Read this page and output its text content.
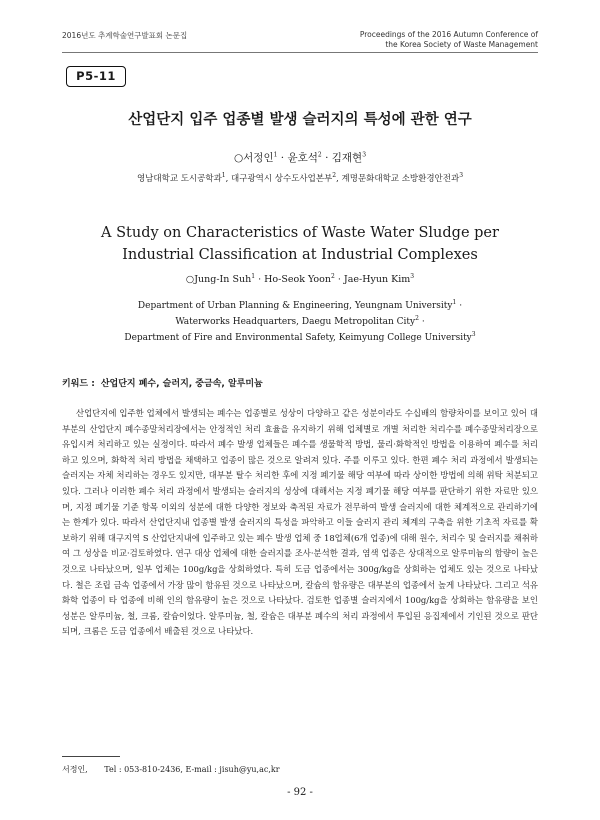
2016년도 추계학술연구발표회 논문집	Proceedings of the 2016 Autumn Conference of
the Korea Society of Waste Management
P5-11
산업단지 입주 업종별 발생 슬러지의 특성에 관한 연구
○서정인$^1$ · 윤호석$^2$ · 김재현$^3$
영남대학교 도시공학과$^1$, 대구광역시 상수도사업본부$^2$, 계명문화대학교 소방환경안전과$^3$
A Study on Characteristics of Waste Water Sludge per
Industrial Classification at Industrial Complexes
○Jung-In Suh$^1$ · Ho-Seok Yoon$^2$ · Jae-Hyun Kim$^3$
Department of Urban Planning & Engineering, Yeungnam University$^1$ ·
Waterworks Headquarters, Daegu Metropolitan City$^2$ ·
Department of Fire and Environmental Safety, Keimyung College University$^3$
키워드 : 산업단지 폐수, 슬러지, 중금속, 알루미늄

산업단지에 입주한 업체에서 발생되는 폐수는 업종별로 성상이 다양하고 같은 성분이라도 수십배의 함량차이를 보이고 있어 대부분의 산업단지 폐수종말처리장에서는 안정적인 처리 효율을 유지하기 위해 업체별로 개별 처리한 처리수를 폐수종말처리장으로 유입시켜 처리하고 있는 실정이다. 따라서 폐수 발생 업체들은 폐수를 생물학적 방법, 물리·화학적인 방법을 이용하여 폐수를 처리하고 있으며, 화학적 처리 방법을 채택하고 업종이 많은 것으로 알려져 있다. 주를 이루고 있다. 한편 폐수 처리 과정에서 발생되는 슬러지는 자체 처리하는 경우도 있지만, 대부분 탈수 처리한 후에 지정 폐기물 해당 여부에 따라 상이한 방법에 의해 위탁 처분되고 있다. 그러나 이러한 폐수 처리 과정에서 발생되는 슬러지의 성상에 대해서는 지정 폐기물 해당 여부를 판단하기 위한 자료만 있으며, 지정 폐기물 기준 항목 이외의 성분에 대한 다양한 정보와 축적된 자료가 전무하여 발생 슬러지에 대한 체계적으로 관리하기에는 한계가 있다. 따라서 산업단지내 업종별 발생 슬러지의 특성을 파악하고 이들 슬러지 관리 체계의 구축을 위한 기초적 자료를 확보하기 위해 대구지역 S 산업단지내에 입주하고 있는 폐수 발생 업체 중 18업체(6개 업종)에 대해 원수, 처리수 및 슬러지를 채취하여 그 성상을 비교·검토하였다. 연구 대상 업체에 대한 슬러지를 조사·분석한 결과, 염색 업종은 상대적으로 알루미늄의 함량이 높은 것으로 나타났으며, 일부 업체는 100g/kg을 상회하였다. 특히 도금 업종에서는 300g/kg을 상회하는 업체도 있는 것으로 나타났다. 철은 조립 금속 업종에서 가장 많이 함유된 것으로 나타났으며, 칼슘의 함유량은 대부분의 업종에서 높게 나타났다. 그리고 석유 화학 업종이 타 업종에 비해 인의 함유량이 높은 것으로 나타났다. 검토한 업종별 슬러지에서 100g/kg을 상회하는 함유량을 보인 성분은 알루미늄, 철, 크롬, 칼슘이었다. 알루미늄, 철, 칼슘은 대부분 폐수의 처리 과정에서 투입된 응집제에서 기인된 것으로 판단되며, 크롬은 도금 업종에서 배출된 것으로 나타났다.

서정인, Tel : 053-810-2436, E-mail : jisuh@yu,ac,kr
- 92 -
